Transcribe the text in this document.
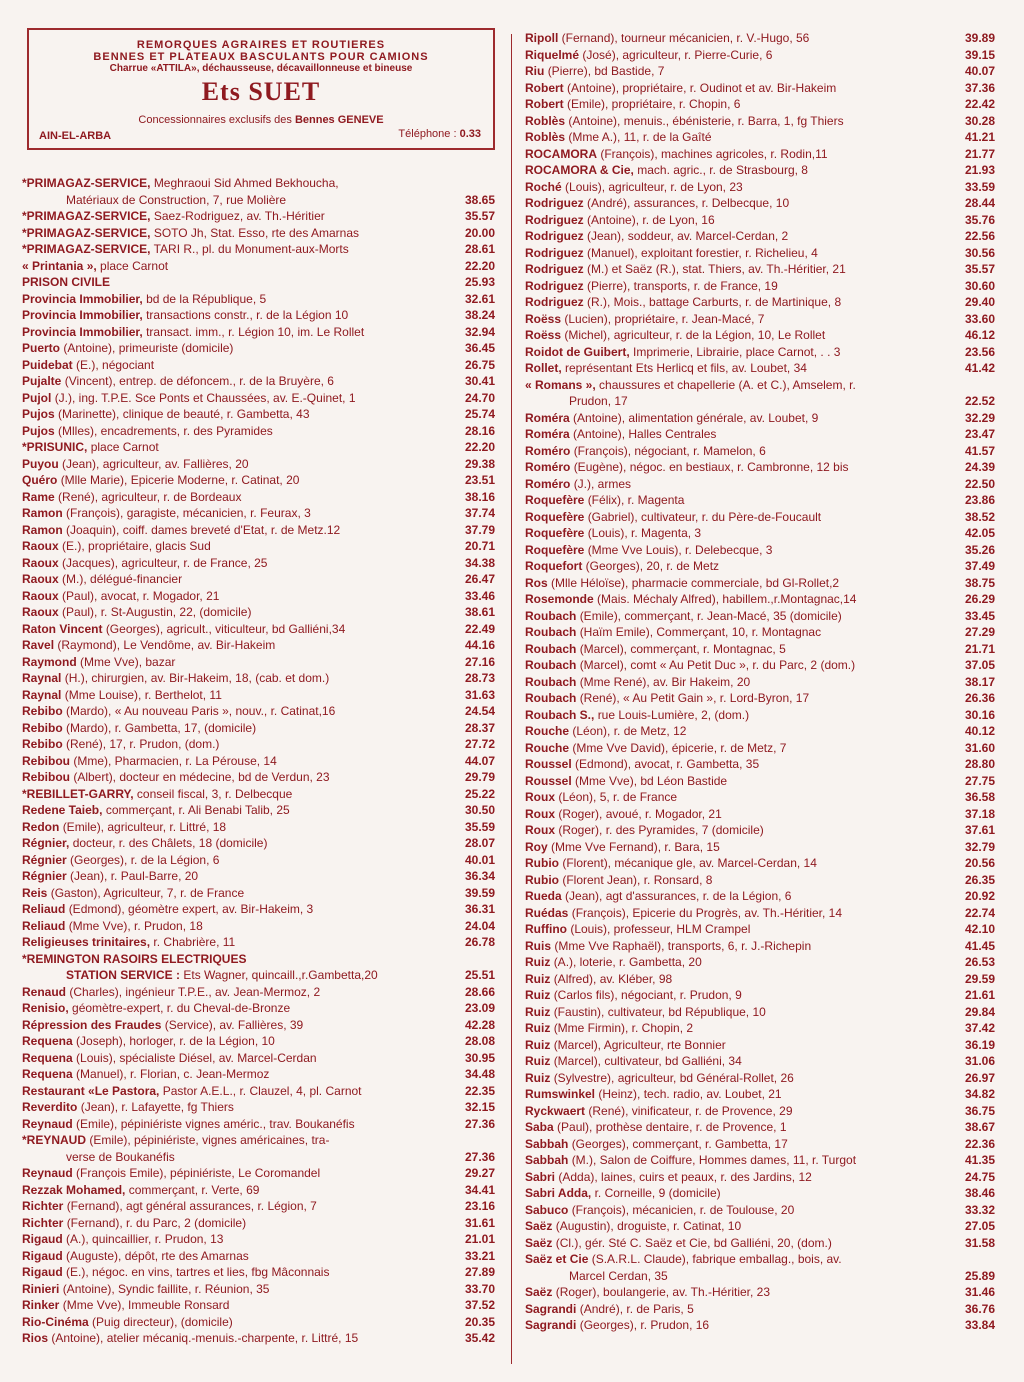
REMORQUES AGRAIRES ET ROUTIERES
BENNES ET PLATEAUX BASCULANTS POUR CAMIONS
Charrue «ATTILA», déchausseuse, décavaillonneuse et bineuse
Ets SUET
Concessionnaires exclusifs des Bennes GENEVE
AIN-EL-ARBA	Téléphone : 0.33
*PRIMAGAZ-SERVICE, Meghraoui Sid Ahmed Bekhoucha,
Matériaux de Construction, 7, rue Molière	38.65
*PRIMAGAZ-SERVICE, Saez-Rodriguez, av. Th.-Héritier	35.57
*PRIMAGAZ-SERVICE, SOTO Jh, Stat. Esso, rte des Amarnas	20.00
*PRIMAGAZ-SERVICE, TARI R., pl. du Monument-aux-Morts	28.61
« Printania », place Carnot	22.20
PRISON CIVILE	25.93
Provincia Immobilier, bd de la République, 5	32.61
Provincia Immobilier, transactions constr., r. de la Légion 10	38.24
Provincia Immobilier, transact. imm., r. Légion 10, im. Le Rollet	32.94
Puerto (Antoine), primeuriste (domicile)	36.45
Puidebat (E.), négociant	26.75
Pujalte (Vincent), entrep. de défoncem., r. de la Bruyère, 6	30.41
Pujol (J.), ing. T.P.E. Sce Ponts et Chaussées, av. E.-Quinet, 1	24.70
Pujos (Marinette), clinique de beauté, r. Gambetta, 43	25.74
Pujos (Mlles), encadrements, r. des Pyramides	28.16
*PRISUNIC, place Carnot	22.20
Puyou (Jean), agriculteur, av. Fallières, 20	29.38
Quéro (Mlle Marie), Epicerie Moderne, r. Catinat, 20	23.51
Rame (René), agriculteur, r. de Bordeaux	38.16
Ramon (François), garagiste, mécanicien, r. Feurax, 3	37.74
Ramon (Joaquin), coiff. dames breveté d'Etat, r. de Metz.12	37.79
Raoux (E.), propriétaire, glacis Sud	20.71
Raoux (Jacques), agriculteur, r. de France, 25	34.38
Raoux (M.), délégué-financier	26.47
Raoux (Paul), avocat, r. Mogador, 21	33.46
Raoux (Paul), r. St-Augustin, 22, (domicile)	38.61
Raton Vincent (Georges), agricult., viticulteur, bd Galliéni,34	22.49
Ravel (Raymond), Le Vendôme, av. Bir-Hakeim	44.16
Raymond (Mme Vve), bazar	27.16
Raynal (H.), chirurgien, av. Bir-Hakeim, 18, (cab. et dom.)	28.73
Raynal (Mme Louise), r. Berthelot, 11	31.63
Rebibo (Mardo), « Au nouveau Paris », nouv., r. Catinat,16	24.54
Rebibo (Mardo), r. Gambetta, 17, (domicile)	28.37
Rebibo (René), 17, r. Prudon, (dom.)	27.72
Rebibou (Mme), Pharmacien, r. La Pérouse, 14	44.07
Rebibou (Albert), docteur en médecine, bd de Verdun, 23	29.79
*REBILLET-GARRY, conseil fiscal, 3, r. Delbecque	25.22
Redene Taieb, commerçant, r. Ali Benabi Talib, 25	30.50
Redon (Emile), agriculteur, r. Littré, 18	35.59
Régnier, docteur, r. des Châlets, 18 (domicile)	28.07
Régnier (Georges), r. de la Légion, 6	40.01
Régnier (Jean), r. Paul-Barre, 20	36.34
Reis (Gaston), Agriculteur, 7, r. de France	39.59
Reliaud (Edmond), géomètre expert, av. Bir-Hakeim, 3	36.31
Reliaud (Mme Vve), r. Prudon, 18	24.04
Religieuses trinitaires, r. Chabrière, 11	26.78
*REMINGTON RASOIRS ELECTRIQUES
STATION SERVICE : Ets Wagner, quincaill.,r.Gambetta,20	25.51
Renaud (Charles), ingénieur T.P.E., av. Jean-Mermoz, 2	28.66
Renisio, géomètre-expert, r. du Cheval-de-Bronze	23.09
Répression des Fraudes (Service), av. Fallières, 39	42.28
Requena (Joseph), horloger, r. de la Légion, 10	28.08
Requena (Louis), spécialiste Diésel, av. Marcel-Cerdan	30.95
Requena (Manuel), r. Florian, c. Jean-Mermoz	34.48
Restaurant «Le Pastora, Pastor A.E.L., r. Clauzel, 4, pl. Carnot	22.35
Reverdito (Jean), r. Lafayette, fg Thiers	32.15
Reynaud (Emile), pépiniériste vignes améric., trav. Boukanéfis	27.36
*REYNAUD (Emile), pépiniériste, vignes américaines, tra-
verse de Boukanéfis	27.36
Reynaud (François Emile), pépiniériste, Le Coromandel	29.27
Rezzak Mohamed, commerçant, r. Verte, 69	34.41
Richter (Fernand), agt général assurances, r. Légion, 7	23.16
Richter (Fernand), r. du Parc, 2 (domicile)	31.61
Rigaud (A.), quincaillier, r. Prudon, 13	21.01
Rigaud (Auguste), dépôt, rte des Amarnas	33.21
Rigaud (E.), négoc. en vins, tartres et lies, fbg Mâconnais	27.89
Rinieri (Antoine), Syndic faillite, r. Réunion, 35	33.70
Rinker (Mme Vve), Immeuble Ronsard	37.52
Rio-Cinéma (Puig directeur), (domicile)	20.35
Rios (Antoine), atelier mécaniq.-menuis.-charpente, r. Littré, 15	35.42
Ripoll (Fernand), tourneur mécanicien, r. V.-Hugo, 56	39.89
Riquelmé (José), agriculteur, r. Pierre-Curie, 6	39.15
Riu (Pierre), bd Bastide, 7	40.07
Robert (Antoine), propriétaire, r. Oudinot et av. Bir-Hakeim	37.36
Robert (Emile), propriétaire, r. Chopin, 6	22.42
Roblès (Antoine), menuis., ébénisterie, r. Barra, 1, fg Thiers	30.28
Roblès (Mme A.), 11, r. de la Gaîté	41.21
ROCAMORA (François), machines agricoles, r. Rodin,11	21.77
ROCAMORA & Cie, mach. agric., r. de Strasbourg, 8	21.93
Roché (Louis), agriculteur, r. de Lyon, 23	33.59
Rodriguez (André), assurances, r. Delbecque, 10	28.44
Rodriguez (Antoine), r. de Lyon, 16	35.76
Rodriguez (Jean), soddeur, av. Marcel-Cerdan, 2	22.56
Rodriguez (Manuel), exploitant forestier, r. Richelieu, 4	30.56
Rodriguez (M.) et Saëz (R.), stat. Thiers, av. Th.-Héritier, 21	35.57
Rodriguez (Pierre), transports, r. de France, 19	30.60
Rodriguez (R.), Mois., battage Carburts, r. de Martinique, 8	29.40
Roëss (Lucien), propriétaire, r. Jean-Macé, 7	33.60
Roëss (Michel), agriculteur, r. de la Légion, 10, Le Rollet	46.12
Roidot de Guibert, Imprimerie, Librairie, place Carnot, . . 3	23.56
Rollet, représentant Ets Herlicq et fils, av. Loubet, 34	41.42
« Romans », chaussures et chapellerie (A. et C.), Amselem, r.
Prudon, 17	22.52
Roméra (Antoine), alimentation générale, av. Loubet, 9	32.29
Roméra (Antoine), Halles Centrales	23.47
Roméro (François), négociant, r. Mamelon, 6	41.57
Roméro (Eugène), négoc. en bestiaux, r. Cambronne, 12 bis	24.39
Roméro (J.), armes	22.50
Roquefère (Félix), r. Magenta	23.86
Roquefère (Gabriel), cultivateur, r. du Père-de-Foucault	38.52
Roquefère (Louis), r. Magenta, 3	42.05
Roquefère (Mme Vve Louis), r. Delebecque, 3	35.26
Roquefort (Georges), 20, r. de Metz	37.49
Ros (Mlle Héloïse), pharmacie commerciale, bd Gl-Rollet,2	38.75
Rosemonde (Mais. Méchaly Alfred), habillem.,r.Montagnac,14	26.29
Roubach (Emile), commerçant, r. Jean-Macé, 35 (domicile)	33.45
Roubach (Haïm Emile), Commerçant, 10, r. Montagnac	27.29
Roubach (Marcel), commerçant, r. Montagnac, 5	21.71
Roubach (Marcel), comt « Au Petit Duc », r. du Parc, 2 (dom.)	37.05
Roubach (Mme René), av. Bir Hakeim, 20	38.17
Roubach (René), « Au Petit Gain », r. Lord-Byron, 17	26.36
Roubach S., rue Louis-Lumière, 2, (dom.)	30.16
Rouche (Léon), r. de Metz, 12	40.12
Rouche (Mme Vve David), épicerie, r. de Metz, 7	31.60
Roussel (Edmond), avocat, r. Gambetta, 35	28.80
Roussel (Mme Vve), bd Léon Bastide	27.75
Roux (Léon), 5, r. de France	36.58
Roux (Roger), avoué, r. Mogador, 21	37.18
Roux (Roger), r. des Pyramides, 7 (domicile)	37.61
Roy (Mme Vve Fernand), r. Bara, 15	32.79
Rubio (Florent), mécanique gle, av. Marcel-Cerdan, 14	20.56
Rubio (Florent Jean), r. Ronsard, 8	26.35
Rueda (Jean), agt d'assurances, r. de la Légion, 6	20.92
Ruédas (François), Epicerie du Progrès, av. Th.-Héritier, 14	22.74
Ruffino (Louis), professeur, HLM Crampel	42.10
Ruis (Mme Vve Raphaël), transports, 6, r. J.-Richepin	41.45
Ruiz (A.), loterie, r. Gambetta, 20	26.53
Ruiz (Alfred), av. Kléber, 98	29.59
Ruiz (Carlos fils), négociant, r. Prudon, 9	21.61
Ruiz (Faustin), cultivateur, bd République, 10	29.84
Ruiz (Mme Firmin), r. Chopin, 2	37.42
Ruiz (Marcel), Agriculteur, rte Bonnier	36.19
Ruiz (Marcel), cultivateur, bd Galliéni, 34	31.06
Ruiz (Sylvestre), agriculteur, bd Général-Rollet, 26	26.97
Rumswinkel (Heinz), tech. radio, av. Loubet, 21	34.82
Ryckwaert (René), vinificateur, r. de Provence, 29	36.75
Saba (Paul), prothèse dentaire, r. de Provence, 1	38.67
Sabbah (Georges), commerçant, r. Gambetta, 17	22.36
Sabbah (M.), Salon de Coiffure, Hommes dames, 11, r. Turgot	41.35
Sabri (Adda), laines, cuirs et peaux, r. des Jardins, 12	24.75
Sabri Adda, r. Corneille, 9 (domicile)	38.46
Sabuco (François), mécanicien, r. de Toulouse, 20	33.32
Saëz (Augustin), droguiste, r. Catinat, 10	27.05
Saëz (Cl.), gér. Sté C. Saëz et Cie, bd Galliéni, 20, (dom.)	31.58
Saëz et Cie (S.A.R.L. Claude), fabrique emballag., bois, av.
Marcel Cerdan, 35	25.89
Saëz (Roger), boulangerie, av. Th.-Héritier, 23	31.46
Sagrandi (André), r. de Paris, 5	36.76
Sagrandi (Georges), r. Prudon, 16	33.84
